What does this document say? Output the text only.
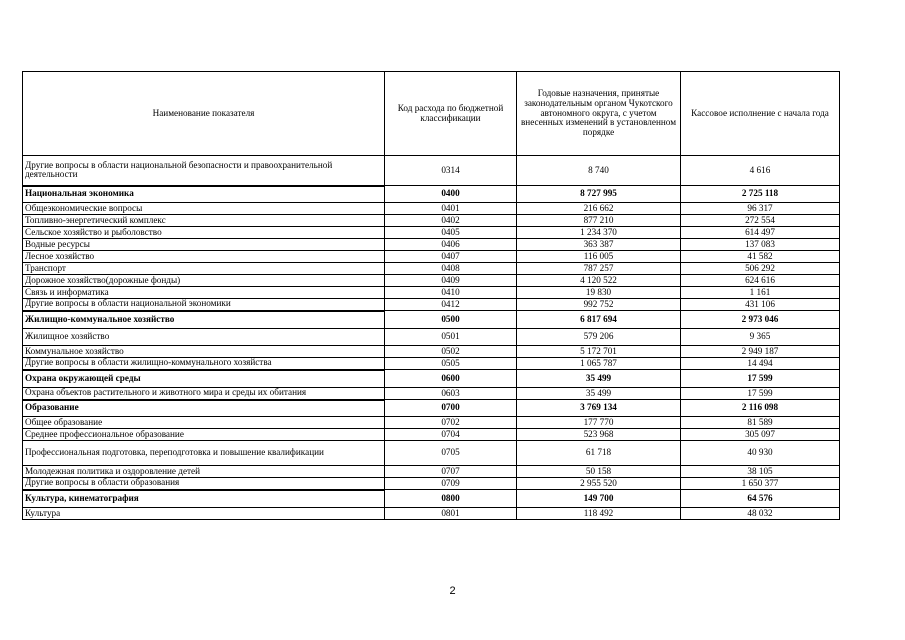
Наименование показателя	Код расхода по бюджетной классификации	Годовые назначения, принятые законодательным органом Чукотского автономного округа, с учетом внесенных изменений в установленном порядке	Кассовое исполнение с начала года
Другие вопросы в области национальной безопасности и правоохранительной деятельности	0314	8 740	4 616
Национальная экономика	0400	8 727 995	2 725 118
Общеэкономические вопросы	0401	216 662	96 317
Топливно-энергетический комплекс	0402	877 210	272 554
Сельское хозяйство и рыболовство	0405	1 234 370	614 497
Водные ресурсы	0406	363 387	137 083
Лесное хозяйство	0407	116 005	41 582
Транспорт	0408	787 257	506 292
Дорожное хозяйство(дорожные фонды)	0409	4 120 522	624 616
Связь и информатика	0410	19 830	1 161
Другие вопросы в области национальной экономики	0412	992 752	431 106
Жилищно-коммунальное хозяйство	0500	6 817 694	2 973 046
Жилищное хозяйство	0501	579 206	9 365
Коммунальное хозяйство	0502	5 172 701	2 949 187
Другие вопросы в области жилищно-коммунального хозяйства	0505	1 065 787	14 494
Охрана окружающей среды	0600	35 499	17 599
Охрана объектов растительного и животного мира и среды их обитания	0603	35 499	17 599
Образование	0700	3 769 134	2 116 098
Общее образование	0702	177 770	81 589
Среднее профессиональное образование	0704	523 968	305 097
Профессиональная подготовка, переподготовка и повышение квалификации	0705	61 718	40 930
Молодежная политика и оздоровление детей	0707	50 158	38 105
Другие вопросы в области образования	0709	2 955 520	1 650 377
Культура, кинематография	0800	149 700	64 576
Культура	0801	118 492	48 032
2
